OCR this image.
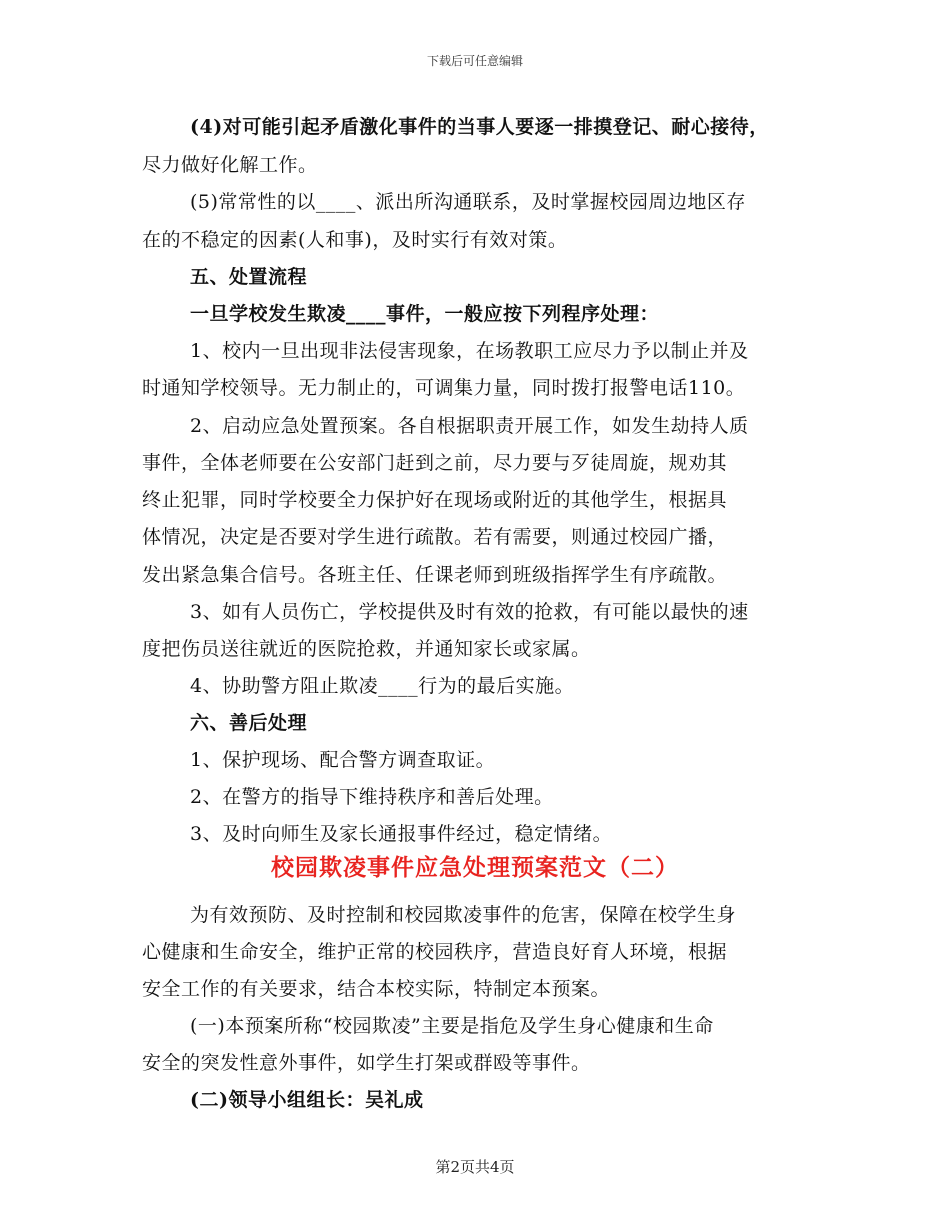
下载后可任意编辑
(4)对可能引起矛盾激化事件的当事人要逐一排摸登记、耐心接待，
尽力做好化解工作。
(5)常常性的以____、派出所沟通联系，及时掌握校园周边地区存
在的不稳定的因素(人和事)，及时实行有效对策。
五、处置流程
一旦学校发生欺凌____事件，一般应按下列程序处理：
1、校内一旦出现非法侵害现象，在场教职工应尽力予以制止并及
时通知学校领导。无力制止的，可调集力量，同时拨打报警电话110。
2、启动应急处置预案。各自根据职责开展工作，如发生劫持人质
事件，全体老师要在公安部门赶到之前，尽力要与歹徒周旋，规劝其
终止犯罪，同时学校要全力保护好在现场或附近的其他学生，根据具
体情况，决定是否要对学生进行疏散。若有需要，则通过校园广播，
发出紧急集合信号。各班主任、任课老师到班级指挥学生有序疏散。
3、如有人员伤亡，学校提供及时有效的抢救，有可能以最快的速
度把伤员送往就近的医院抢救，并通知家长或家属。
4、协助警方阻止欺凌____行为的最后实施。
六、善后处理
1、保护现场、配合警方调查取证。
2、在警方的指导下维持秩序和善后处理。
3、及时向师生及家长通报事件经过，稳定情绪。
校园欺凌事件应急处理预案范文（二）
为有效预防、及时控制和校园欺凌事件的危害，保障在校学生身
心健康和生命安全，维护正常的校园秩序，营造良好育人环境，根据
安全工作的有关要求，结合本校实际，特制定本预案。
(一)本预案所称“校园欺凌”主要是指危及学生身心健康和生命
安全的突发性意外事件，如学生打架或群殴等事件。
(二)领导小组组长：吴礼成
第2页共4页
